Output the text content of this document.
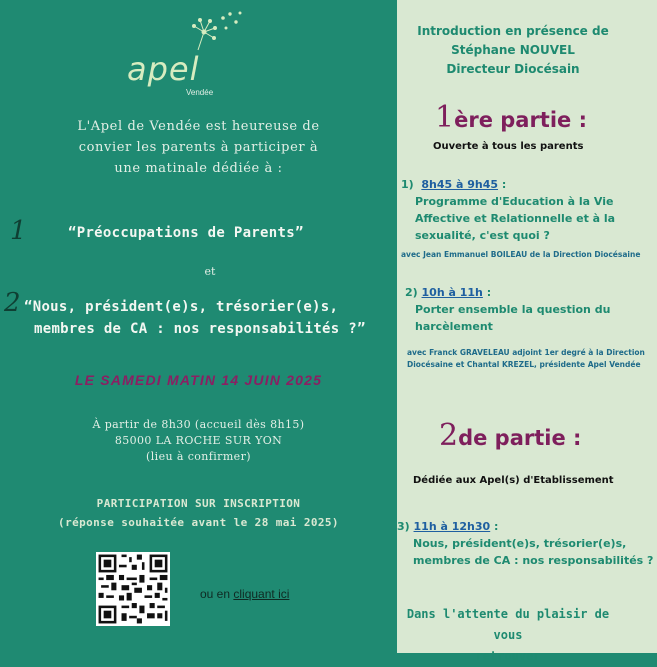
apel
Vendée
L'Apel de Vendée est heureuse de
convier les parents à participer à
une matinale dédiée à :
1	“Préoccupations de Parents”
et
2 “Nous, président(e)s, trésorier(e)s,
membres de CA : nos responsabilités ?”
LE SAMEDI MATIN 14 JUIN 2025
À partir de 8h30 (accueil dès 8h15)
85000 LA ROCHE SUR YON
(lieu à confirmer)
PARTICIPATION SUR INSCRIPTION
(réponse souhaitée avant le 28 mai 2025)
ou en cliquant ici
Introduction en présence de
Stéphane NOUVEL
Directeur Diocésain
1ère partie :
Ouverte à tous les parents
1) 8h45 à 9h45 :
Programme d'Education à la Vie
Affective et Relationnelle et à la
sexualité, c'est quoi ?
avec Jean Emmanuel BOILEAU de la Direction Diocésaine
2) 10h à 11h :
Porter ensemble la question du
harcèlement
avec Franck GRAVELEAU adjoint 1er degré à la Direction
Diocésaine et Chantal KREZEL, présidente Apel Vendée
2de partie :
Dédiée aux Apel(s) d'Etablissement
3) 11h à 12h30 :
Nous, président(e)s, trésorier(e)s,
membres de CA : nos responsabilités ?
Dans l'attente du plaisir de vous
retrouver
